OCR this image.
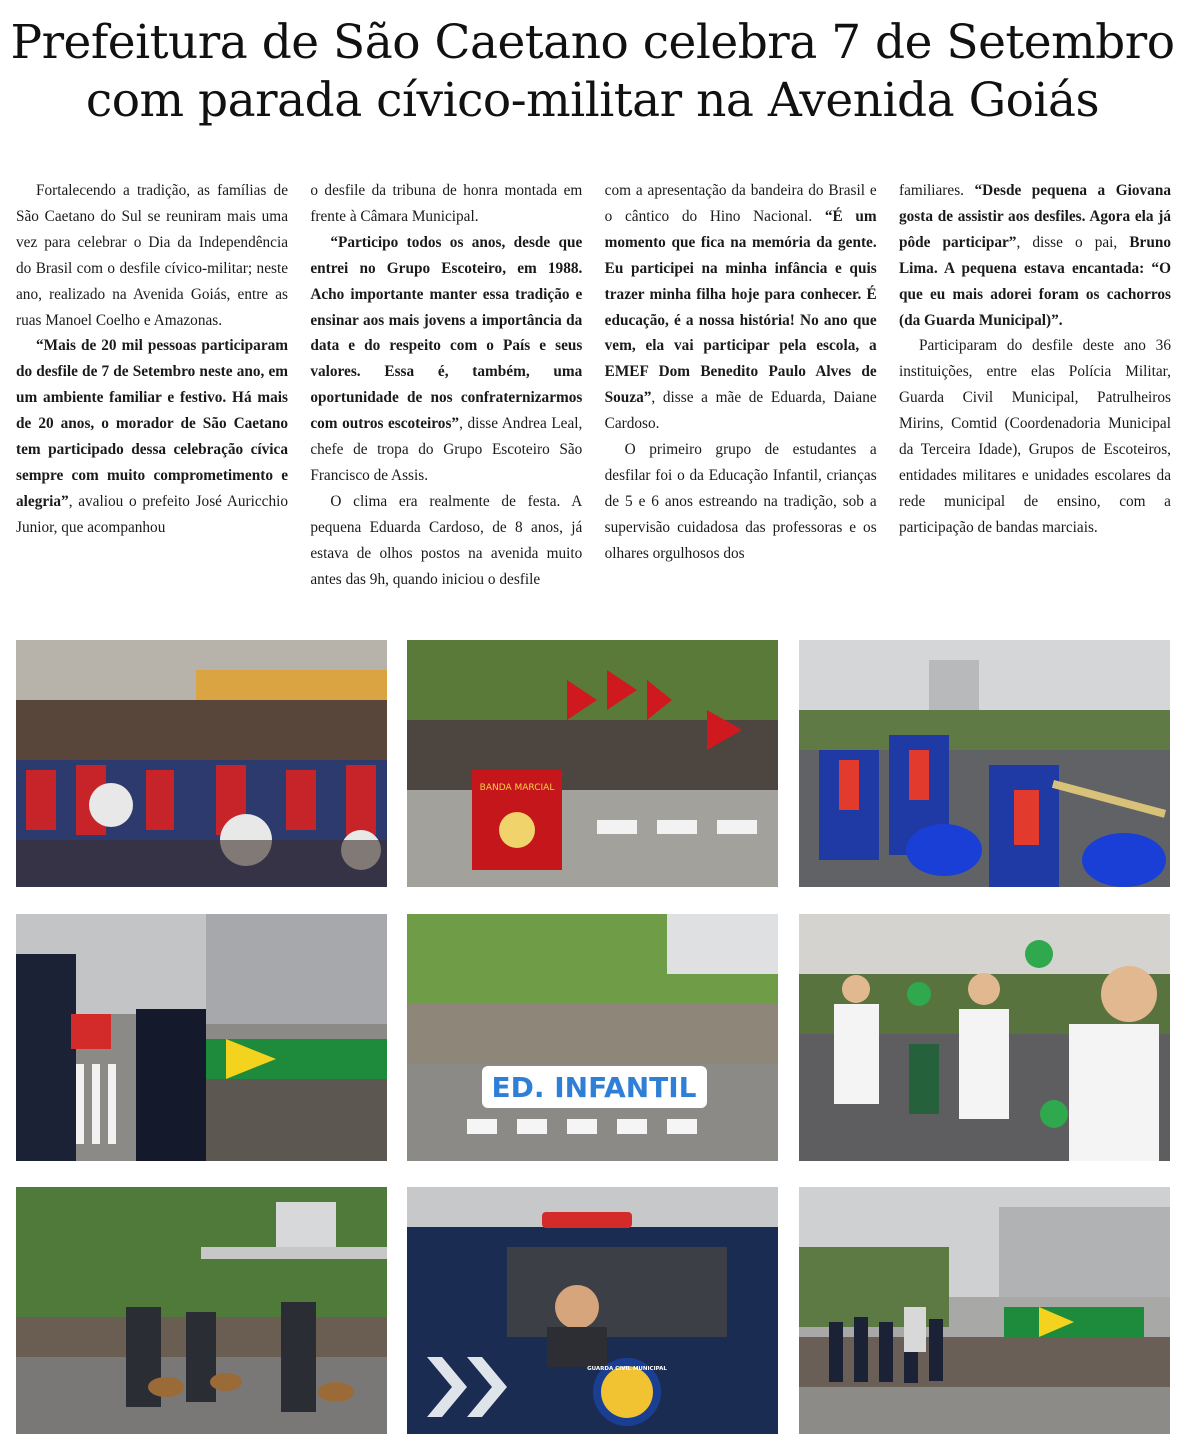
Prefeitura de São Caetano celebra 7 de Setembro
com parada cívico-militar na Avenida Goiás

Fortalecendo a tradição, as famílias de São Caetano do Sul se reuniram mais uma vez para celebrar o Dia da Independência do Brasil com o desfile cívico-militar; neste ano, realizado na Avenida Goiás, entre as ruas Manoel Coelho e Amazonas.

“Mais de 20 mil pessoas participaram do desfile de 7 de Setembro neste ano, em um ambiente familiar e festivo. Há mais de 20 anos, o morador de São Caetano tem participado dessa celebração cívica sempre com muito comprometimento e alegria”, avaliou o prefeito José Auricchio Junior, que acompanhou

o desfile da tribuna de honra montada em frente à Câmara Municipal.

“Participo todos os anos, desde que entrei no Grupo Escoteiro, em 1988. Acho importante manter essa tradição e ensinar aos mais jovens a importância da data e do respeito com o País e seus valores. Essa é, também, uma oportunidade de nos confraternizarmos com outros escoteiros”, disse Andrea Leal, chefe de tropa do Grupo Escoteiro São Francisco de Assis.

O clima era realmente de festa. A pequena Eduarda Cardoso, de 8 anos, já estava de olhos postos na avenida muito antes das 9h, quando iniciou o desfile

com a apresentação da bandeira do Brasil e o cântico do Hino Nacional. “É um momento que fica na memória da gente. Eu participei na minha infância e quis trazer minha filha hoje para conhecer. É educação, é a nossa história! No ano que vem, ela vai participar pela escola, a EMEF Dom Benedito Paulo Alves de Souza”, disse a mãe de Eduarda, Daiane Cardoso.

O primeiro grupo de estudantes a desfilar foi o da Educação Infantil, crianças de 5 e 6 anos estreando na tradição, sob a supervisão cuidadosa das professoras e os olhares orgulhosos dos

familiares. “Desde pequena a Giovana gosta de assistir aos desfiles. Agora ela já pôde participar”, disse o pai, Bruno Lima. A pequena estava encantada: “O que eu mais adorei foram os cachorros (da Guarda Municipal)”.

Participaram do desfile deste ano 36 instituições, entre elas Polícia Militar, Guarda Civil Municipal, Patrulheiros Mirins, Comtid (Coordenadoria Municipal da Terceira Idade), Grupos de Escoteiros, entidades militares e unidades escolares da rede municipal de ensino, com a participação de bandas marciais.

BANDA MARCIAL
ED. INFANTIL
GUARDA CIVIL MUNICIPAL
